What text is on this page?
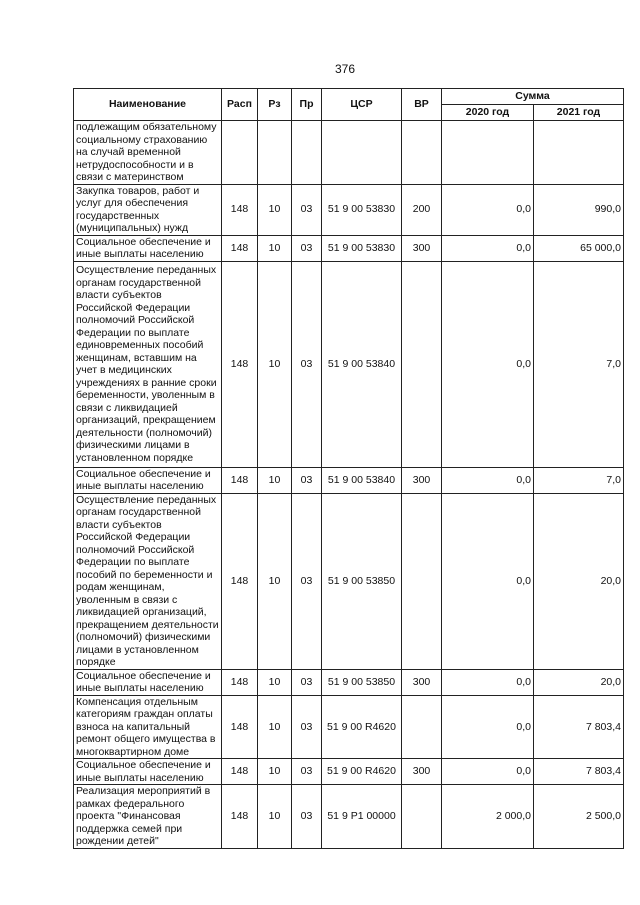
376
Наименование	Расп	Рз	Пр	ЦСР	ВР	Сумма	
						2020 год	2021 год
подлежащим обязательному социальному страхованию на случай временной нетрудоспособности и в связи с материнством							
Закупка товаров, работ и услуг для обеспечения государственных (муниципальных) нужд	148	10	03	51 9 00 53830	200	0,0	990,0
Социальное обеспечение и иные выплаты населению	148	10	03	51 9 00 53830	300	0,0	65 000,0
Осуществление переданных органам государственной власти субъектов Российской Федерации полномочий Российской Федерации по выплате единовременных пособий женщинам, вставшим на учет в медицинских учреждениях в ранние сроки беременности, уволенным в связи с ликвидацией организаций, прекращением деятельности (полномочий) физическими лицами в установленном порядке	148	10	03	51 9 00 53840		0,0	7,0
Социальное обеспечение и иные выплаты населению	148	10	03	51 9 00 53840	300	0,0	7,0
Осуществление переданных органам государственной власти субъектов Российской Федерации полномочий Российской Федерации по выплате пособий по беременности и родам женщинам, уволенным в связи с ликвидацией организаций, прекращением деятельности (полномочий) физическими лицами в установленном порядке	148	10	03	51 9 00 53850		0,0	20,0
Социальное обеспечение и иные выплаты населению	148	10	03	51 9 00 53850	300	0,0	20,0
Компенсация отдельным категориям граждан оплаты взноса на капитальный ремонт общего имущества в многоквартирном доме	148	10	03	51 9 00 R4620		0,0	7 803,4
Социальное обеспечение и иные выплаты населению	148	10	03	51 9 00 R4620	300	0,0	7 803,4
Реализация мероприятий в рамках федерального проекта "Финансовая поддержка семей при рождении детей"	148	10	03	51 9 P1 00000		2 000,0	2 500,0
